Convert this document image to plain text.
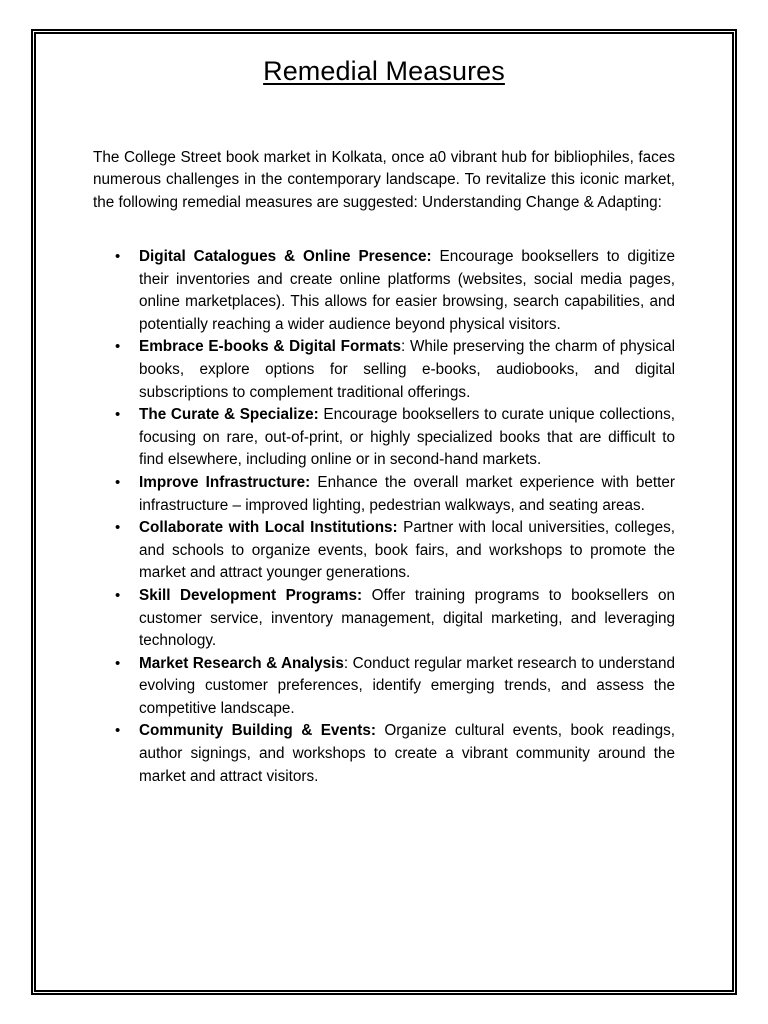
Remedial Measures

The College Street book market in Kolkata, once a0 vibrant hub for bibliophiles, faces numerous challenges in the contemporary landscape. To revitalize this iconic market, the following remedial measures are suggested: Understanding Change & Adapting:

• Digital Catalogues & Online Presence: Encourage booksellers to digitize their inventories and create online platforms (websites, social media pages, online marketplaces). This allows for easier browsing, search capabilities, and potentially reaching a wider audience beyond physical visitors.
• Embrace E-books & Digital Formats: While preserving the charm of physical books, explore options for selling e-books, audiobooks, and digital subscriptions to complement traditional offerings.
• The Curate & Specialize: Encourage booksellers to curate unique collections, focusing on rare, out-of-print, or highly specialized books that are difficult to find elsewhere, including online or in second-hand markets.
• Improve Infrastructure: Enhance the overall market experience with better infrastructure – improved lighting, pedestrian walkways, and seating areas.
• Collaborate with Local Institutions: Partner with local universities, colleges, and schools to organize events, book fairs, and workshops to promote the market and attract younger generations.
• Skill Development Programs: Offer training programs to booksellers on customer service, inventory management, digital marketing, and leveraging technology.
• Market Research & Analysis: Conduct regular market research to understand evolving customer preferences, identify emerging trends, and assess the competitive landscape.
• Community Building & Events: Organize cultural events, book readings, author signings, and workshops to create a vibrant community around the market and attract visitors.
